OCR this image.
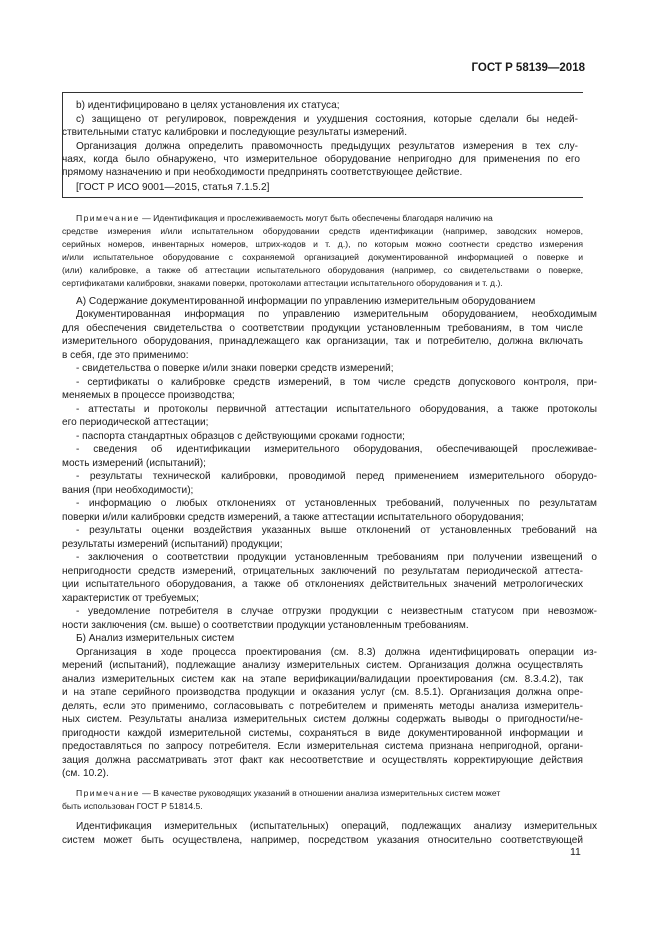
ГОСТ Р 58139—2018

b) идентифицировано в целях установления их статуса;

c) защищено от регулировок, повреждения и ухудшения состояния, которые сделали бы недей-

ствительными статус калибровки и последующие результаты измерений.

Организация должна определить правомочность предыдущих результатов измерения в тех слу-

чаях, когда было обнаружено, что измерительное оборудование непригодно для применения по его

прямому назначению и при необходимости предпринять соответствующее действие.

[ГОСТ Р ИСО 9001—2015, статья 7.1.5.2]

Примечание — Идентификация и прослеживаемость могут быть обеспечены благодаря наличию на

средстве измерения и/или испытательном оборудовании средств идентификации (например, заводских номеров,

серийных номеров, инвентарных номеров, штрих-кодов и т. д.), по которым можно соотнести средство измерения

и/или испытательное оборудование с сохраняемой организацией документированной информацией о поверке и

(или) калибровке, а также об аттестации испытательного оборудования (например, со свидетельствами о поверке,

сертификатами калибровки, знаками поверки, протоколами аттестации испытательного оборудования и т. д.).

А) Содержание документированной информации по управлению измерительным оборудованием

Документированная информация по управлению измерительным оборудованием, необходимым

для обеспечения свидетельства о соответствии продукции установленным требованиям, в том числе

измерительного оборудования, принадлежащего как организации, так и потребителю, должна включать

в себя, где это применимо:

- свидетельства о поверке и/или знаки поверки средств измерений;

- сертификаты о калибровке средств измерений, в том числе средств допускового контроля, при-

меняемых в процессе производства;

- аттестаты и протоколы первичной аттестации испытательного оборудования, а также протоколы

его периодической аттестации;

- паспорта стандартных образцов с действующими сроками годности;

- сведения об идентификации измерительного оборудования, обеспечивающей прослеживае-

мость измерений (испытаний);

- результаты технической калибровки, проводимой перед применением измерительного оборудо-

вания (при необходимости);

- информацию о любых отклонениях от установленных требований, полученных по результатам

поверки и/или калибровки средств измерений, а также аттестации испытательного оборудования;

- результаты оценки воздействия указанных выше отклонений от установленных требований на

результаты измерений (испытаний) продукции;

- заключения о соответствии продукции установленным требованиям при получении извещений о

непригодности средств измерений, отрицательных заключений по результатам периодической аттеста-

ции испытательного оборудования, а также об отклонениях действительных значений метрологических

характеристик от требуемых;

- уведомление потребителя в случае отгрузки продукции с неизвестным статусом при невозмож-

ности заключения (см. выше) о соответствии продукции установленным требованиям.

Б) Анализ измерительных систем

Организация в ходе процесса проектирования (см. 8.3) должна идентифицировать операции из-

мерений (испытаний), подлежащие анализу измерительных систем. Организация должна осуществлять

анализ измерительных систем как на этапе верификации/валидации проектирования (см. 8.3.4.2), так

и на этапе серийного производства продукции и оказания услуг (см. 8.5.1). Организация должна опре-

делять, если это применимо, согласовывать с потребителем и применять методы анализа измеритель-

ных систем. Результаты анализа измерительных систем должны содержать выводы о пригодности/не-

пригодности каждой измерительной системы, сохраняться в виде документированной информации и

предоставляться по запросу потребителя. Если измерительная система признана непригодной, органи-

зация должна рассматривать этот факт как несоответствие и осуществлять корректирующие действия

(см. 10.2).

Примечание — В качестве руководящих указаний в отношении анализа измерительных систем может

быть использован ГОСТ Р 51814.5.

Идентификация измерительных (испытательных) операций, подлежащих анализу измерительных

систем может быть осуществлена, например, посредством указания относительно соответствующей

11
